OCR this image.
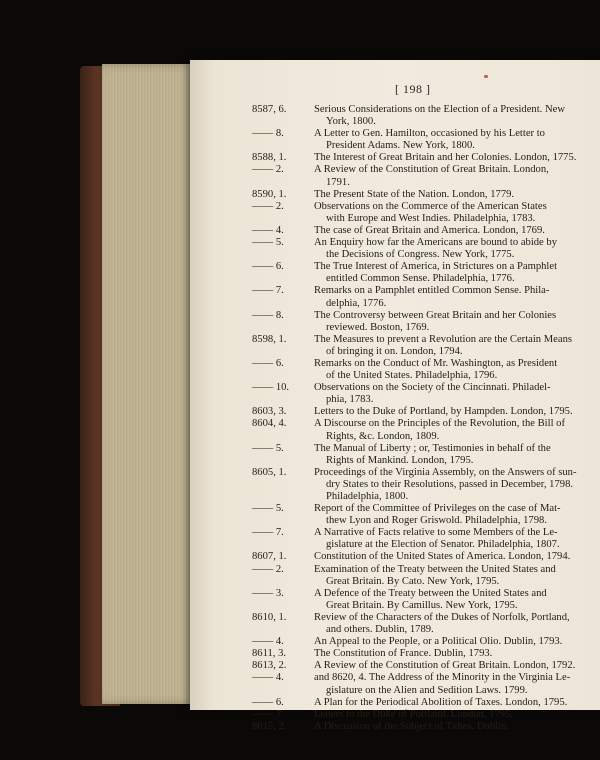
[ 198 ]
8587, 6.	Serious Considerations on the Election of a President. New
York, 1800.
—— 8.	A Letter to Gen. Hamilton, occasioned by his Letter to
President Adams. New York, 1800.
8588, 1.	The Interest of Great Britain and her Colonies. London, 1775.
—— 2.	A Review of the Constitution of Great Britain. London,
1791.
8590, 1.	The Present State of the Nation. London, 1779.
—— 2.	Observations on the Commerce of the American States
with Europe and West Indies. Philadelphia, 1783.
—— 4.	The case of Great Britain and America. London, 1769.
—— 5.	An Enquiry how far the Americans are bound to abide by
the Decisions of Congress. New York, 1775.
—— 6.	The True Interest of America, in Strictures on a Pamphlet
entitled Common Sense. Philadelphia, 1776.
—— 7.	Remarks on a Pamphlet entitled Common Sense. Phila-
delphia, 1776.
—— 8.	The Controversy between Great Britain and her Colonies
reviewed. Boston, 1769.
8598, 1.	The Measures to prevent a Revolution are the Certain Means
of bringing it on. London, 1794.
—— 6.	Remarks on the Conduct of Mr. Washington, as President
of the United States. Philadelphia, 1796.
—— 10.	Observations on the Society of the Cincinnati. Philadel-
phia, 1783.
8603, 3.	Letters to the Duke of Portland, by Hampden. London, 1795.
8604, 4.	A Discourse on the Principles of the Revolution, the Bill of
Rights, &c. London, 1809.
—— 5.	The Manual of Liberty ; or, Testimonies in behalf of the
Rights of Mankind. London, 1795.
8605, 1.	Proceedings of the Virginia Assembly, on the Answers of sun-
dry States to their Resolutions, passed in December, 1798.
Philadelphia, 1800.
—— 5.	Report of the Committee of Privileges on the case of Mat-
thew Lyon and Roger Griswold. Philadelphia, 1798.
—— 7.	A Narrative of Facts relative to some Members of the Le-
gislature at the Election of Senator. Philadelphia, 1807.
8607, 1.	Constitution of the United States of America. London, 1794.
—— 2.	Examination of the Treaty between the United States and
Great Britain. By Cato. New York, 1795.
—— 3.	A Defence of the Treaty between the United States and
Great Britain. By Camillus. New York, 1795.
8610, 1.	Review of the Characters of the Dukes of Norfolk, Portland,
and others. Dublin, 1789.
—— 4.	An Appeal to the People, or a Political Olio. Dublin, 1793.
8611, 3.	The Constitution of France. Dublin, 1793.
8613, 2.	A Review of the Constitution of Great Britain. London, 1792.
—— 4.	and 8620, 4. The Address of the Minority in the Virginia Le-
gislature on the Alien and Sedition Laws. 1799.
—— 6.	A Plan for the Periodical Abolition of Taxes. London, 1795.
—— 7.	Letters to the Duke of Portland. London, 1795.
8615, 2.	A Discussion of the Subject of Tithes. Dublin.
